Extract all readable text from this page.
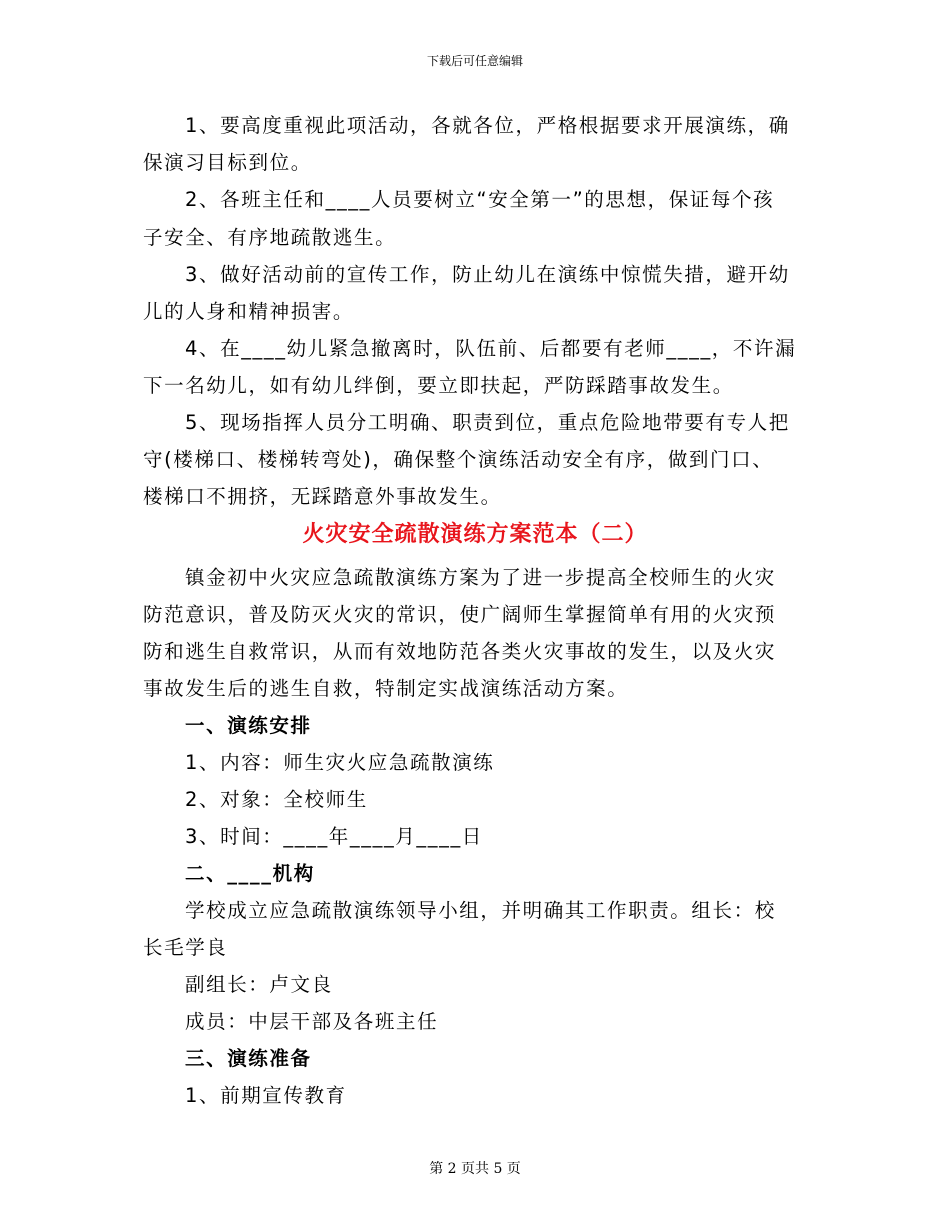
下载后可任意编辑
1、要高度重视此项活动，各就各位，严格根据要求开展演练，确
保演习目标到位。
2、各班主任和____人员要树立“安全第一”的思想，保证每个孩
子安全、有序地疏散逃生。
3、做好活动前的宣传工作，防止幼儿在演练中惊慌失措，避开幼
儿的人身和精神损害。
4、在____幼儿紧急撤离时，队伍前、后都要有老师____，不许漏
下一名幼儿，如有幼儿绊倒，要立即扶起，严防踩踏事故发生。
5、现场指挥人员分工明确、职责到位，重点危险地带要有专人把
守(楼梯口、楼梯转弯处)，确保整个演练活动安全有序，做到门口、
楼梯口不拥挤，无踩踏意外事故发生。
火灾安全疏散演练方案范本（二）
镇金初中火灾应急疏散演练方案为了进一步提高全校师生的火灾
防范意识，普及防灭火灾的常识，使广阔师生掌握简单有用的火灾预
防和逃生自救常识，从而有效地防范各类火灾事故的发生，以及火灾
事故发生后的逃生自救，特制定实战演练活动方案。
一、演练安排
1、内容：师生灾火应急疏散演练
2、对象：全校师生
3、时间：____年____月____日
二、____机构
学校成立应急疏散演练领导小组，并明确其工作职责。组长：校
长毛学良
副组长：卢文良
成员：中层干部及各班主任
三、演练准备
1、前期宣传教育
第 2 页共 5 页
